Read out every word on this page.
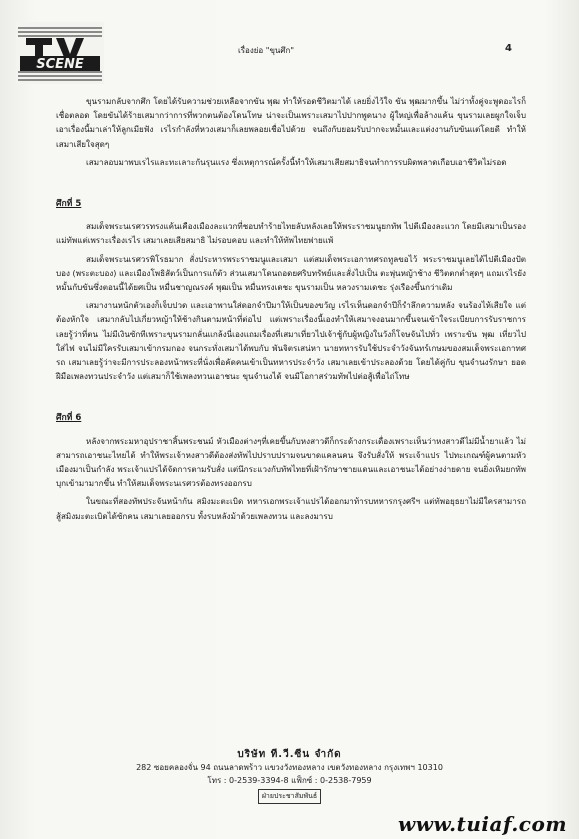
SCENE
เรื่องย่อ "ขุนศึก"	4

ขุนรามกลับจากศึก โดยได้รับความช่วยเหลือจากขัน พุฒ ทำให้รอดชีวิตมาได้ เลยยิ่งไว้ใจ ขัน พุฒมากขึ้น ไม่ว่าทั้งคู่จะพูดอะไรก็เชื่อตลอด โดยขันได้ร้ายเสมากว่าการที่พวกตนต้องโดนโทษ น่าจะเป็นเพราะเสมาไปปากพูดนาง ผู้ใหญ่เพื่อล้างแค้น ขุนรามเลยผูกใจเจ็บ เอาเรื่องนี้มาเล่าให้ลูกเมียฟัง เรไรกำลังที่หวงเสมาก็เลยพลอยเชื่อไปด้วย จนถึงกับยอมรับปากจะหมั้นและแต่งงานกับขันแต่โดยดี ทำให้เสมาเสียใจสุดๆ

เสมาลอบมาพบเรไรและทะเลาะกันรุนแรง ซึ่งเหตุการณ์ครั้งนี้ทำให้เสมาเสียสมาธิจนทำการรบผิดพลาดเกือบเอาชีวิตไม่รอด

ศึกที่ 5

สมเด็จพระนเรศวรทรงแค้นเคืองเมืองละแวกที่ชอบทำร้ายไทยลับหลังเลยให้พระราชมนูยกทัพ ไปตีเมืองละแวก โดยมีเสมาเป็นรองแม่ทัพแต่เพราะเรื่องเรไร เสมาเลยเสียสมาธิ ไม่รอบคอบ และทำให้ทัพไทยพ่ายแพ้

สมเด็จพระนเรศวรพิโรธมาก สั่งประหารพระราชมนูและเสมา แต่สมเด็จพระเอกาทศรถทูลขอไว้ พระราชมนูเลยได้ไปตีเมืองปัตบอง (พระตะบอง) และเมืองโพธิสัตว์เป็นการแก้ตัว ส่วนเสมาโดนถอดยศริบทรัพย์และสั่งไปเป็น ตะพุ่นหญ้าช้าง ชีวิตตกต่ำสุดๆ แถมเรไรยังหมั้นกับขันซึ่งตอนนี้ได้ยศเป็น หมื่นชาญณรงค์ พุฒเป็น หมื่นทรงเดชะ ขุนรามเป็น หลวงรามเดชะ รุ่งเรืองขึ้นกว่าเดิม

เสมางานหนักตัวเองก็เจ็บปวด และเอาพานใส่ดอกจำปีมาให้เป็นของขวัญ เรไรเห็นดอกจำปีก็รำลึกความหลัง จนร้องไห้เสียใจ แต่ต้องหักใจ เสมากลับไปเกี่ยวหญ้าให้ช้างกินตามหน้าที่ต่อไป แต่เพราะเรื่องนี้เองทำให้เสมาจงอนมากขึ้นจนเข้าใจระเบียบการรับราชการ เลยรู้ว่าที่ตน ไม่มีเงินซักทีเพราะขุนรามกลั่นแกล้งนี่เองแถมเรื่องที่เสมาเที่ยวไปเจ้าชู้กับผู้หญิงในวังก็โจษจันไปทั่ว เพราะขัน พุฒ เที่ยวไปใส่ไฟ จนไม่มีใครรับเสมาเข้ากรมกอง จนกระทั่งเสมาได้พบกับ พันจิตรเสน่หา นายทหารรับใช้ประจำวังจันทร์เกษมของสมเด็จพระเอกาทศรถ เสมาเลยรู้ว่าจะมีการประลองหน้าพระที่นั่งเพื่อคัดคนเข้าเป็นทหารประจำวัง เสมาเลยเข้าประลองด้วย โดยได้คู่กับ ขุนจำนงรักษา ยอดฝีมือเพลงทวนประจำวัง แต่เสมาก็ใช้เพลงทวนเอาชนะ ขุนจำนงได้ จนมีโอกาสร่วมทัพไปต่อสู้เพื่อไถ่โทษ

ศึกที่ 6

หลังจากพระมหาอุปราชาสิ้นพระชนม์ หัวเมืองต่างๆที่เคยขึ้นกับหงสาวดีก็กระด้างกระเดื่องเพราะเห็นว่าหงสาวดีไม่มีน้ำยาแล้ว ไม่สามารถเอาชนะไทยได้ ทำให้พระเจ้าหงสาวดีต้องส่งทัพไปปราบปรามจนขาดแคลนคน จึงรับสั่งให้ พระเจ้าแปร ไปทะเกณฑ์ผู้คนตามหัวเมืองมาเป็นกำลัง พระเจ้าแปรได้จัดการตามรับสั่ง แต่นึกระแวงกับทัพไทยที่เฝ้ารักษาชายแดนและเอาชนะได้อย่างง่ายดาย จนยิ่งเหิมยกทัพบุกเข้ามามากขึ้น ทำให้สมเด็จพระนเรศวรต้องทรงออกรบ

ในขณะที่สองทัพประจันหน้ากัน สมิงมะตะเบิด ทหารเอกพระเจ้าแปรได้ออกมาท้ารบทหารกรุงศรีฯ แต่ทัพอยุธยาไม่มีใครสามารถสู้สมิงมะตะเบิดได้ซักคน เสมาเลยออกรบ ทั้งรบหลังม้าด้วยเพลงทวน และลงมารบ

บริษัท ที.วี.ซีน จำกัด
282 ซอยคลองจั่น 94 ถนนลาดพร้าว แขวงวังทองหลาง เขตวังทองหลาง กรุงเทพฯ 10310
โทร : 0-2539-3394-8 แฟ็กซ์ : 0-2538-7959
ฝ่ายประชาสัมพันธ์
www.tuiaf.com
